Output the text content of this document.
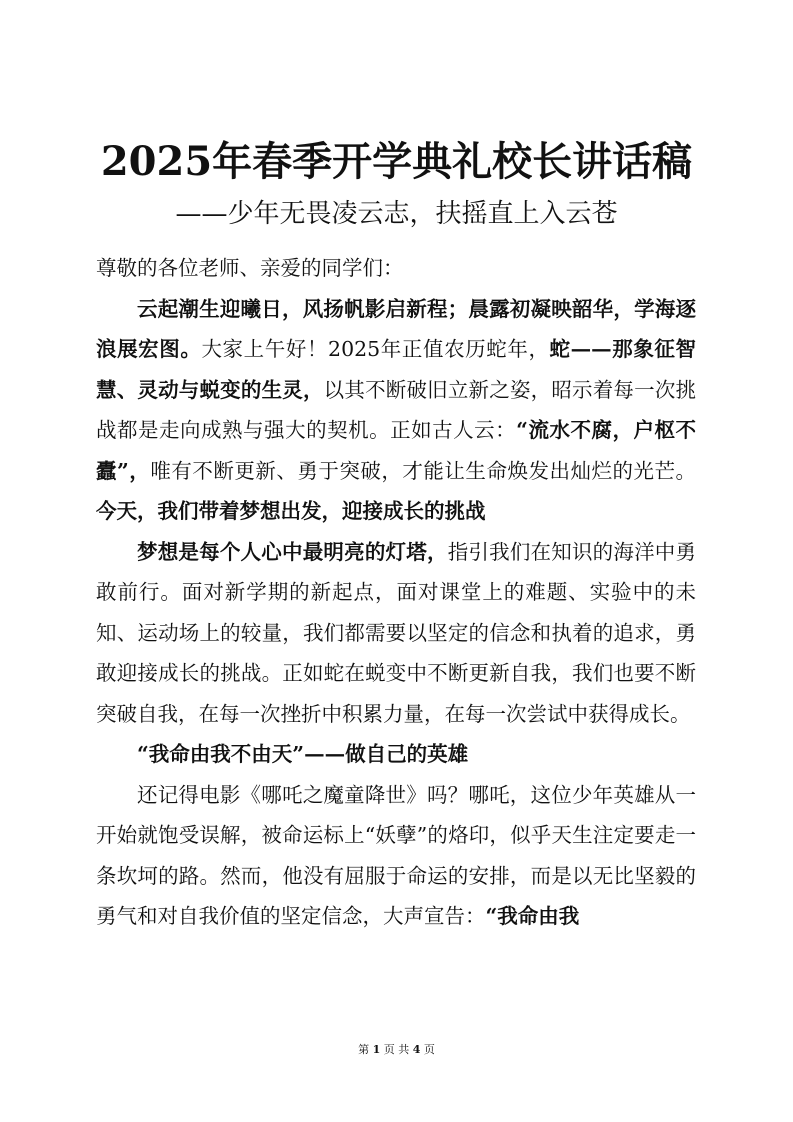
2025年春季开学典礼校长讲话稿
——少年无畏凌云志，扶摇直上入云苍

尊敬的各位老师、亲爱的同学们：

云起潮生迎曦日，风扬帆影启新程；晨露初凝映韶华，学海逐浪展宏图。大家上午好！2025年正值农历蛇年，蛇——那象征智慧、灵动与蜕变的生灵，以其不断破旧立新之姿，昭示着每一次挑战都是走向成熟与强大的契机。正如古人云：“流水不腐，户枢不蠹”，唯有不断更新、勇于突破，才能让生命焕发出灿烂的光芒。今天，我们带着梦想出发，迎接成长的挑战

梦想是每个人心中最明亮的灯塔，指引我们在知识的海洋中勇敢前行。面对新学期的新起点，面对课堂上的难题、实验中的未知、运动场上的较量，我们都需要以坚定的信念和执着的追求，勇敢迎接成长的挑战。正如蛇在蜕变中不断更新自我，我们也要不断突破自我，在每一次挫折中积累力量，在每一次尝试中获得成长。

“我命由我不由天”——做自己的英雄

还记得电影《哪吒之魔童降世》吗？哪吒，这位少年英雄从一开始就饱受误解，被命运标上“妖孽”的烙印，似乎天生注定要走一条坎坷的路。然而，他没有屈服于命运的安排，而是以无比坚毅的勇气和对自我价值的坚定信念，大声宣告：“我命由我

第 1 页 共 4 页
